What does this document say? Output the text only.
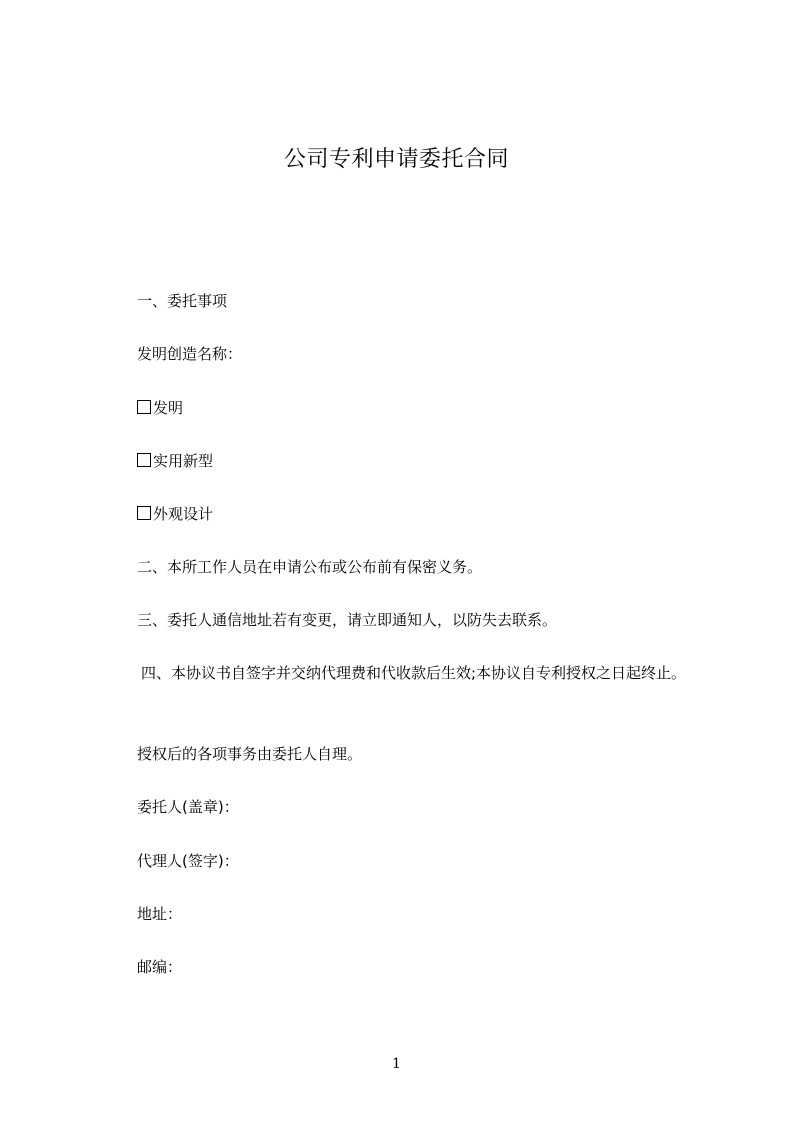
公司专利申请委托合同
一、委托事项
发明创造名称：
发明
实用新型
外观设计
二、本所工作人员在申请公布或公布前有保密义务。
三、委托人通信地址若有变更，请立即通知人，以防失去联系。
四、本协议书自签字并交纳代理费和代收款后生效;本协议自专利授权之日起终止。
授权后的各项事务由委托人自理。
委托人(盖章)：
代理人(签字)：
地址：
邮编：
1
